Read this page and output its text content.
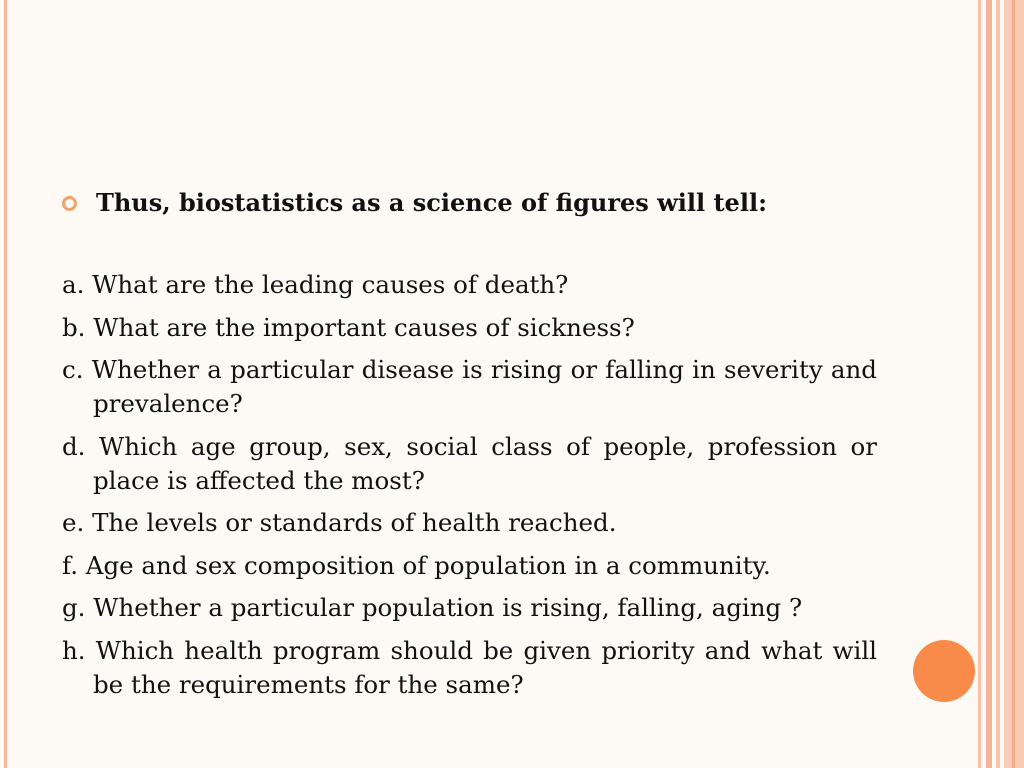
Thus, biostatistics as a science of figures will tell:
a. What are the leading causes of death?
b. What are the important causes of sickness?
c. Whether a particular disease is rising or falling in severity and prevalence?
d. Which age group, sex, social class of people, profession or place is affected the most?
e. The levels or standards of health reached.
f. Age and sex composition of population in a community.
g. Whether a particular population is rising, falling, aging ?
h. Which health program should be given priority and what will be the requirements for the same?
